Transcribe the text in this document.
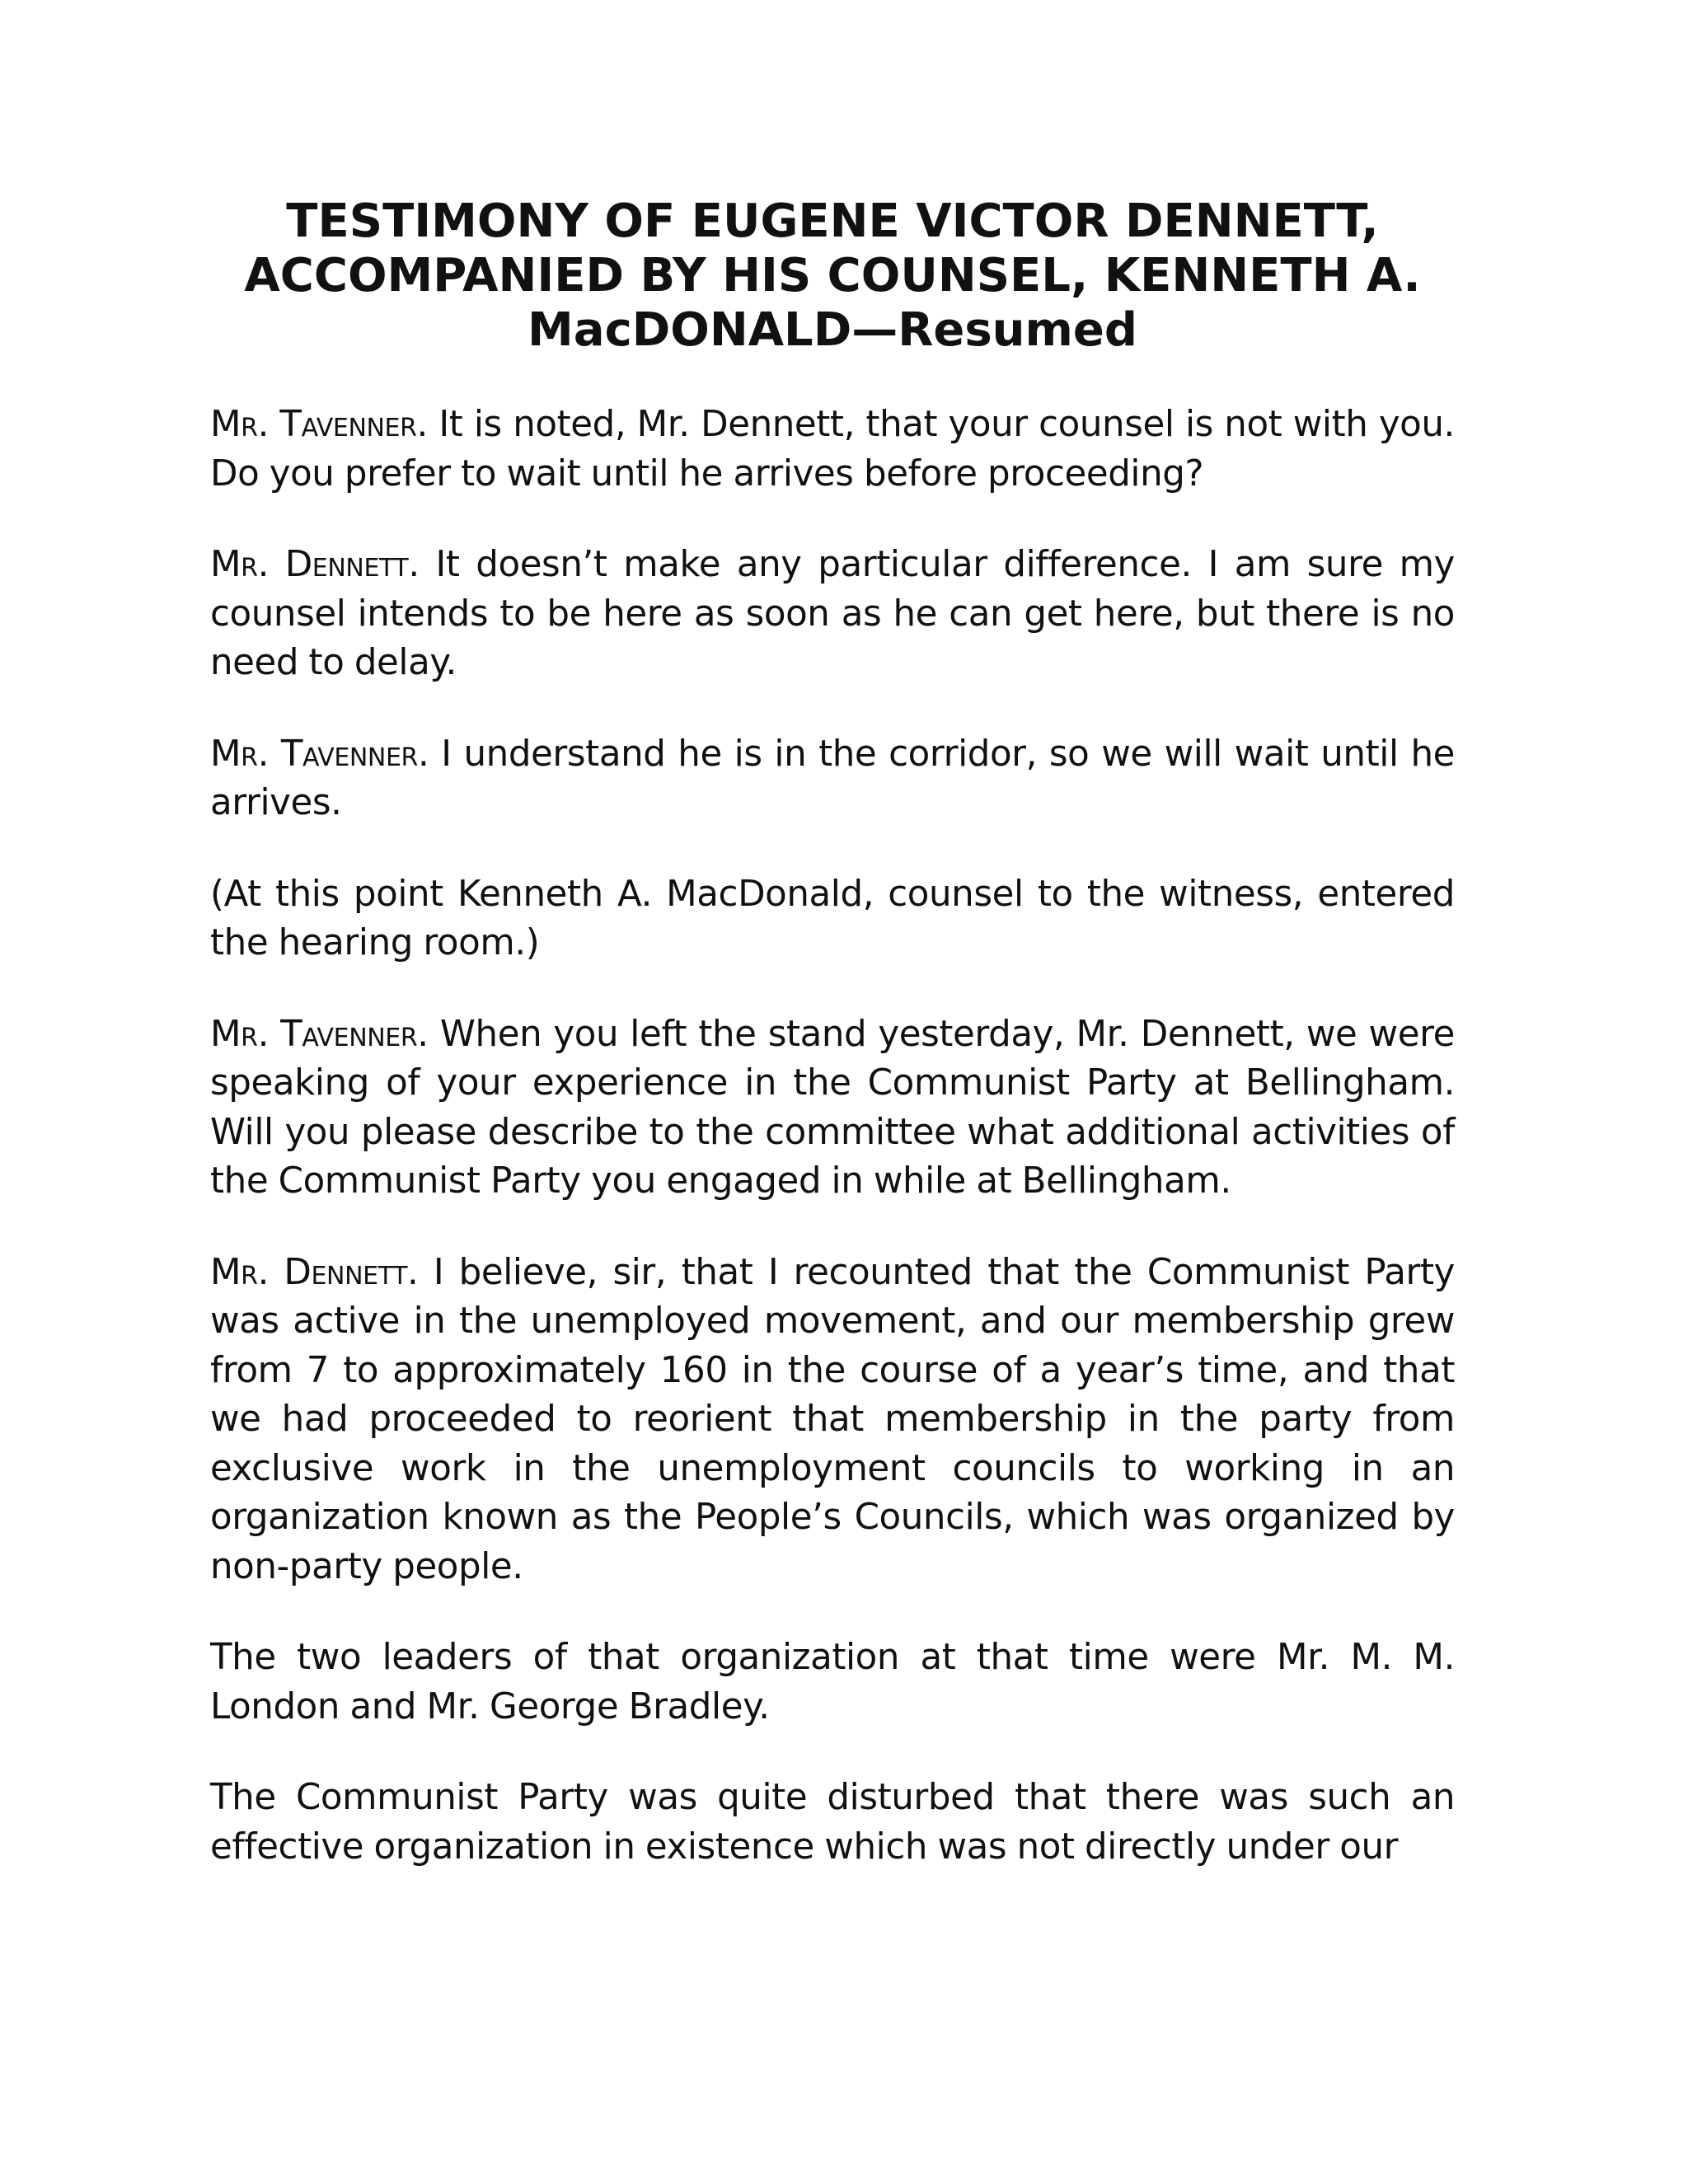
TESTIMONY OF EUGENE VICTOR DENNETT,
ACCOMPANIED BY HIS COUNSEL, KENNETH A.
MacDONALD—Resumed

Mr. Tavenner. It is noted, Mr. Dennett, that your counsel is not with you. Do you prefer to wait until he arrives before proceeding?

Mr. Dennett. It doesn’t make any particular difference. I am sure my counsel intends to be here as soon as he can get here, but there is no need to delay.

Mr. Tavenner. I understand he is in the corridor, so we will wait until he arrives.

(At this point Kenneth A. MacDonald, counsel to the witness, entered the hearing room.)

Mr. Tavenner. When you left the stand yesterday, Mr. Dennett, we were speaking of your experience in the Communist Party at Bellingham. Will you please describe to the committee what additional activities of the Communist Party you engaged in while at Bellingham.

Mr. Dennett. I believe, sir, that I recounted that the Communist Party was active in the unemployed movement, and our membership grew from 7 to approximately 160 in the course of a year’s time, and that we had proceeded to reorient that membership in the party from exclusive work in the unemployment councils to working in an organization known as the People’s Councils, which was organized by non-party people.

The two leaders of that organization at that time were Mr. M. M. London and Mr. George Bradley.

The Communist Party was quite disturbed that there was such an effective organization in existence which was not directly under our
